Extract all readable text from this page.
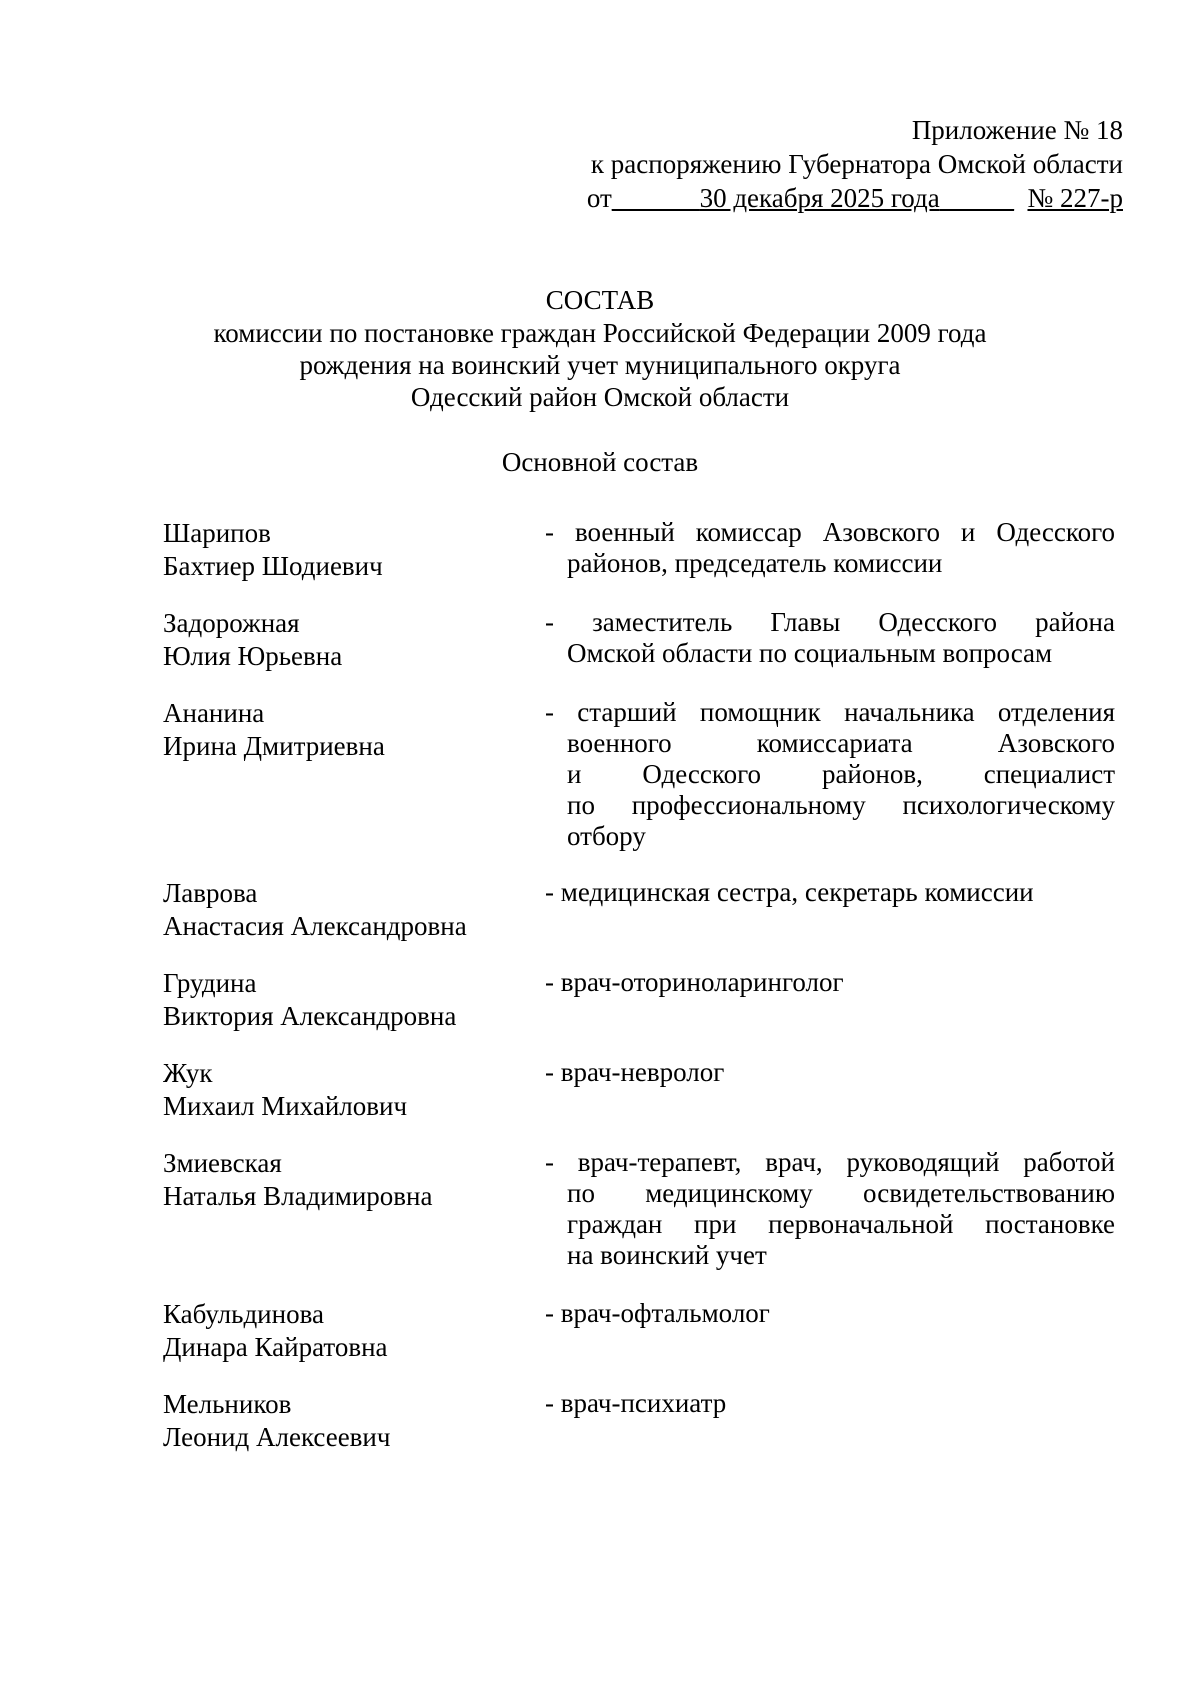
Приложение № 18
к распоряжению Губернатора Омской области
от______ 30 декабря 2025 года _____ № 227-р
СОСТАВ
комиссии по постановке граждан Российской Федерации 2009 года
рождения на воинский учет муниципального округа
Одесский район Омской области
Основной состав
Шарипов
Бахтиер Шодиевич
- военный комиссар Азовского и Одесского
районов, председатель комиссии
Задорожная
Юлия Юрьевна
- заместитель Главы Одесского района
Омской области по социальным вопросам
Ананина
Ирина Дмитриевна
- старший помощник начальника отделения
военного комиссариата Азовского
и Одесского районов, специалист
по профессиональному психологическому
отбору
Лаврова
Анастасия Александровна
- медицинская сестра, секретарь комиссии
Грудина
Виктория Александровна
- врач-оториноларинголог
Жук
Михаил Михайлович
- врач-невролог
Змиевская
Наталья Владимировна
- врач-терапевт, врач, руководящий работой
по медицинскому освидетельствованию
граждан при первоначальной постановке
на воинский учет
Кабульдинова
Динара Кайратовна
- врач-офтальмолог
Мельников
Леонид Алексеевич
- врач-психиатр
